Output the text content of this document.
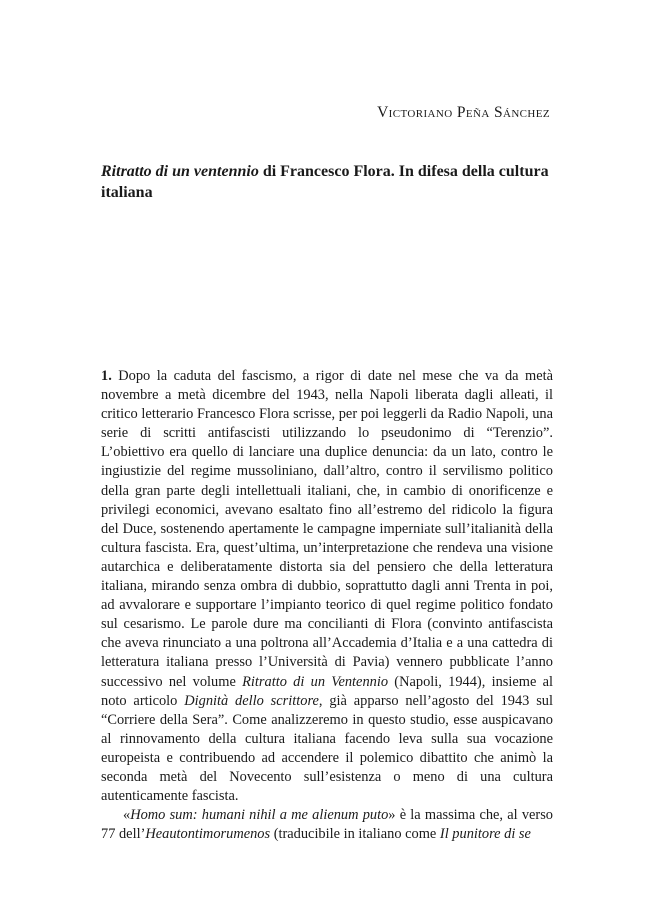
Victoriano Peña Sánchez
Ritratto di un ventennio di Francesco Flora. In difesa della cultura italiana

1. Dopo la caduta del fascismo, a rigor di date nel mese che va da metà novembre a metà dicembre del 1943, nella Napoli liberata dagli alleati, il critico letterario Francesco Flora scrisse, per poi leggerli da Radio Napoli, una serie di scritti antifascisti utilizzando lo pseudonimo di “Terenzio”. L’obiettivo era quello di lanciare una duplice denuncia: da un lato, contro le ingiustizie del regime mussoliniano, dall’altro, contro il servilismo politico della gran parte degli intellettuali italiani, che, in cambio di onorificenze e privilegi economici, avevano esaltato fino all’estremo del ridicolo la figura del Duce, sostenendo apertamente le campagne imperniate sull’italianità della cultura fascista. Era, quest’ultima, un’interpretazione che rendeva una visione autarchica e deliberatamente distorta sia del pensiero che della letteratura italiana, mirando senza ombra di dubbio, soprattutto dagli anni Trenta in poi, ad avvalorare e supportare l’impianto teorico di quel regime politico fondato sul cesarismo. Le parole dure ma concilianti di Flora (convinto antifascista che aveva rinunciato a una poltrona all’Accademia d’Italia e a una cattedra di letteratura italiana presso l’Università di Pavia) vennero pubblicate l’anno successivo nel volume Ritratto di un Ventennio (Napoli, 1944), insieme al noto articolo Dignità dello scrittore, già apparso nell’agosto del 1943 sul “Corriere della Sera”. Come analizzeremo in questo studio, esse auspicavano al rinnovamento della cultura italiana facendo leva sulla sua vocazione europeista e contribuendo ad accendere il polemico dibattito che animò la seconda metà del Novecento sull’esistenza o meno di una cultura autenticamente fascista.

«Homo sum: humani nihil a me alienum puto» è la massima che, al verso 77 dell’Heautontimorumenos (traducibile in italiano come Il punitore di se
